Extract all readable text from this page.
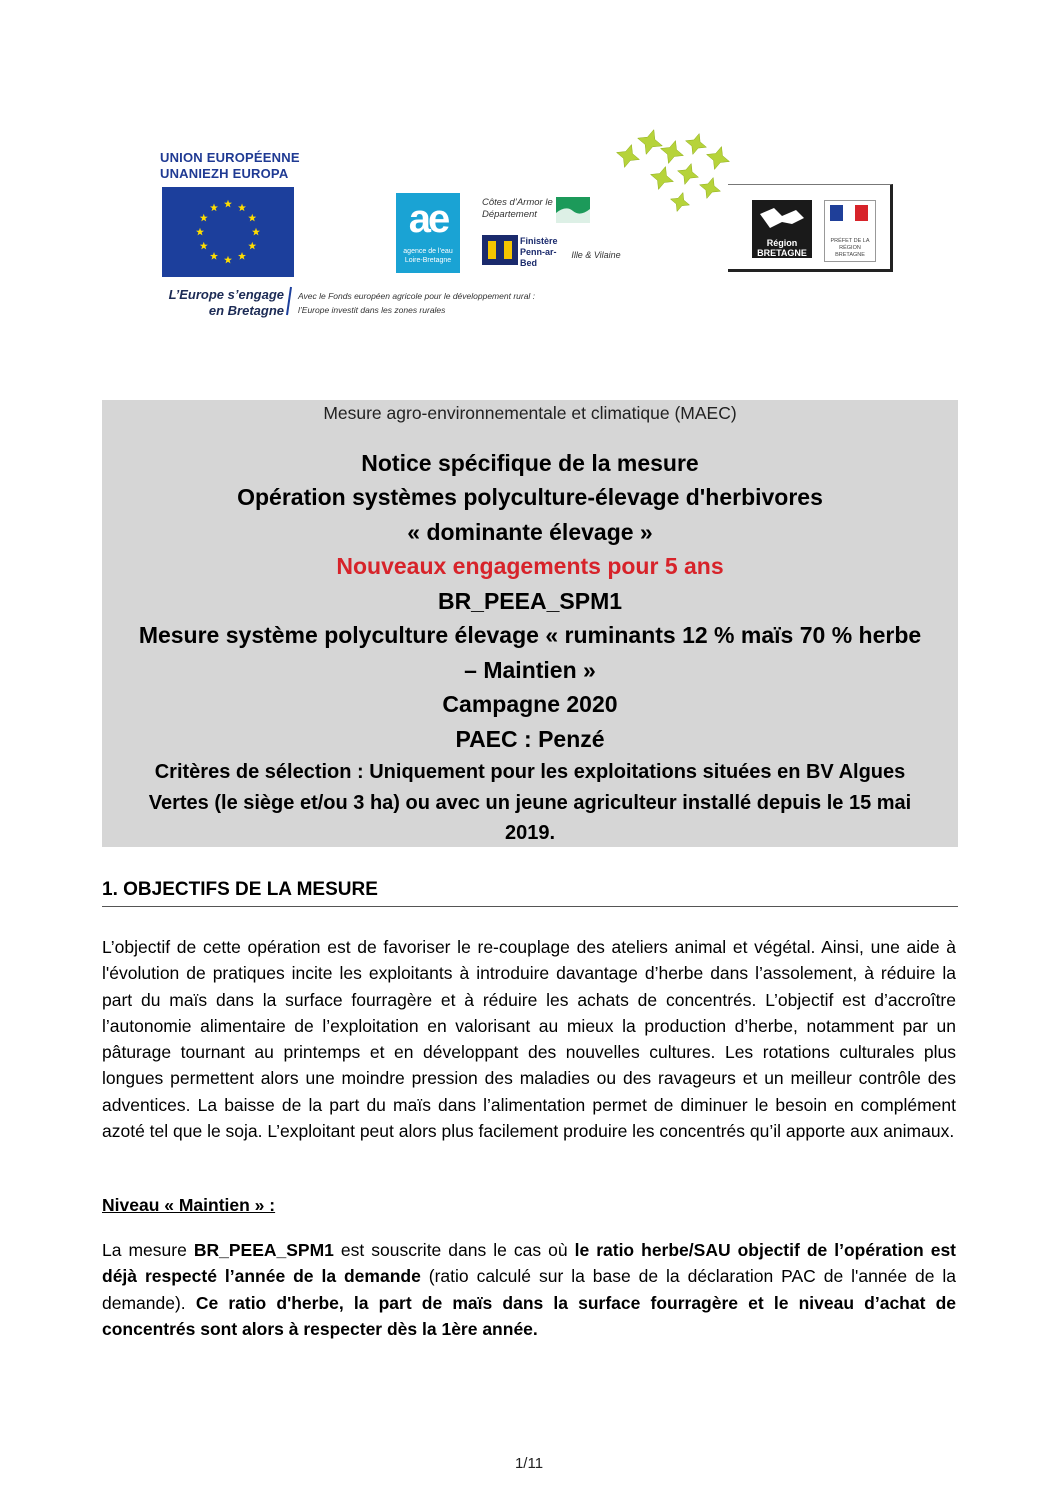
UNION EUROPÉENNE
UNANIEZH EUROPA
L’Europe s’engage
en Bretagne
Avec le Fonds européen agricole pour le développement rural :
l’Europe investit dans les zones rurales
ae
agence de l’eau Loire-Bretagne
Côtes d’Armor le Département
Finistère Penn-ar-Bed
Ille & Vilaine
Région BRETAGNE
PRÉFET DE LA RÉGION BRETAGNE
Mesure agro-environnementale et climatique (MAEC)
Notice spécifique de la mesure
Opération systèmes polyculture-élevage d'herbivores
« dominante élevage »
Nouveaux engagements pour 5 ans
BR_PEEA_SPM1
Mesure système polyculture élevage « ruminants 12 % maïs 70 % herbe
– Maintien »
Campagne 2020
PAEC : Penzé
Critères de sélection : Uniquement pour les exploitations situées en BV Algues
Vertes (le siège et/ou 3 ha) ou avec un jeune agriculteur installé depuis le 15 mai
2019.
1. OBJECTIFS DE LA MESURE
L’objectif de cette opération est de favoriser le re-couplage des ateliers animal et végétal. Ainsi, une aide à l'évolution de pratiques incite les exploitants à introduire davantage d’herbe dans l’assolement, à réduire la part du maïs dans la surface fourragère et à réduire les achats de concentrés. L’objectif est d’accroître l’autonomie alimentaire de l’exploitation en valorisant au mieux la production d’herbe, notamment par un pâturage tournant au printemps et en développant des nouvelles cultures. Les rotations culturales plus longues permettent alors une moindre pression des maladies ou des ravageurs et un meilleur contrôle des adventices. La baisse de la part du maïs dans l’alimentation permet de diminuer le besoin en complément azoté tel que le soja. L’exploitant peut alors plus facilement produire les concentrés qu’il apporte aux animaux.
Niveau « Maintien » :
La mesure BR_PEEA_SPM1 est souscrite dans le cas où le ratio herbe/SAU objectif de l’opération est déjà respecté l’année de la demande (ratio calculé sur la base de la déclaration PAC de l'année de la demande). Ce ratio d'herbe, la part de maïs dans la surface fourragère et le niveau d’achat de concentrés sont alors à respecter dès la 1ère année.
1/11
